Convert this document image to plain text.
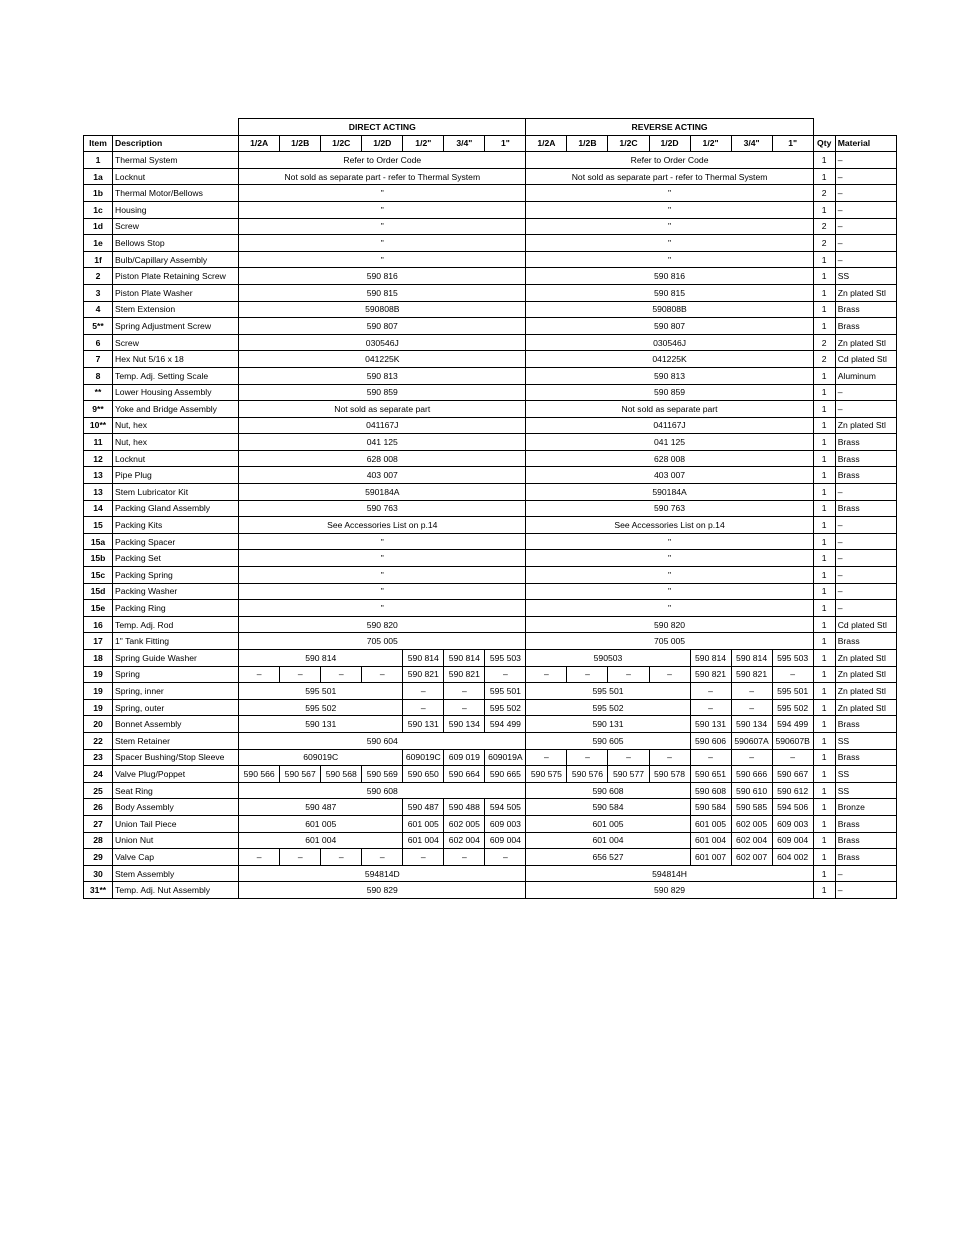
		DIRECT ACTING							REVERSE ACTING								
Item	Description	1/2A	1/2B	1/2C	1/2D	1/2"	3/4"	1"	1/2A	1/2B	1/2C	1/2D	1/2"	3/4"	1"	Qty	Material
1	Thermal System	Refer to Order Code							Refer to Order Code							1	–
1a	Locknut	Not sold as separate part - refer to Thermal System							Not sold as separate part - refer to Thermal System							1	–
1b	Thermal Motor/Bellows	"							"							2	–
1c	Housing	"							"							1	–
1d	Screw	"							"							2	–
1e	Bellows Stop	"							"							2	–
1f	Bulb/Capillary Assembly	"							"							1	–
2	Piston Plate Retaining Screw	590 816							590 816							1	SS
3	Piston Plate Washer	590 815							590 815							1	Zn plated Stl
4	Stem Extension	590808B							590808B							1	Brass
5**	Spring Adjustment Screw	590 807							590 807							1	Brass
6	Screw	030546J							030546J							2	Zn plated Stl
7	Hex Nut 5/16 x 18	041225K							041225K							2	Cd plated Stl
8	Temp. Adj. Setting Scale	590 813							590 813							1	Aluminum
**	Lower Housing Assembly	590 859							590 859							1	–
9**	Yoke and Bridge Assembly	Not sold as separate part							Not sold as separate part							1	–
10**	Nut, hex	041167J							041167J							1	Zn plated Stl
11	Nut, hex	041 125							041 125							1	Brass
12	Locknut	628 008							628 008							1	Brass
13	Pipe Plug	403 007							403 007							1	Brass
13	Stem Lubricator Kit	590184A							590184A							1	–
14	Packing Gland Assembly	590 763							590 763							1	Brass
15	Packing Kits	See Accessories List on p.14							See Accessories List on p.14							1	–
15a	Packing Spacer	"							"							1	–
15b	Packing Set	"							"							1	–
15c	Packing Spring	"							"							1	–
15d	Packing Washer	"							"							1	–
15e	Packing Ring	"							"							1	–
16	Temp. Adj. Rod	590 820							590 820							1	Cd plated Stl
17	1" Tank Fitting	705 005							705 005							1	Brass
18	Spring Guide Washer	590 814				590 814	590 814	595 503	590503				590 814	590 814	595 503	1	Zn plated Stl
19	Spring	–	–	–	–	590 821	590 821	–	–	–	–	–	590 821	590 821	–	1	Zn plated Stl
19	Spring, inner	595 501				–	–	595 501	595 501				–	–	595 501	1	Zn plated Stl
19	Spring, outer	595 502				–	–	595 502	595 502				–	–	595 502	1	Zn plated Stl
20	Bonnet Assembly	590 131				590 131	590 134	594 499	590 131				590 131	590 134	594 499	1	Brass
22	Stem Retainer	590 604							590 605				590 606	590607A	590607B	1	SS
23	Spacer Bushing/Stop Sleeve	609019C				609019C	609 019	609019A	–	–	–	–	–	–	–	1	Brass
24	Valve Plug/Poppet	590 566	590 567	590 568	590 569	590 650	590 664	590 665	590 575	590 576	590 577	590 578	590 651	590 666	590 667	1	SS
25	Seat Ring	590 608							590 608				590 608	590 610	590 612	1	SS
26	Body Assembly	590 487				590 487	590 488	594 505	590 584				590 584	590 585	594 506	1	Bronze
27	Union Tail Piece	601 005				601 005	602 005	609 003	601 005				601 005	602 005	609 003	1	Brass
28	Union Nut	601 004				601 004	602 004	609 004	601 004				601 004	602 004	609 004	1	Brass
29	Valve Cap	–	–	–	–	–	–	–	656 527				601 007	602 007	604 002	1	Brass
30	Stem Assembly	594814D							594814H							1	–
31**	Temp. Adj. Nut Assembly	590 829							590 829							1	–
